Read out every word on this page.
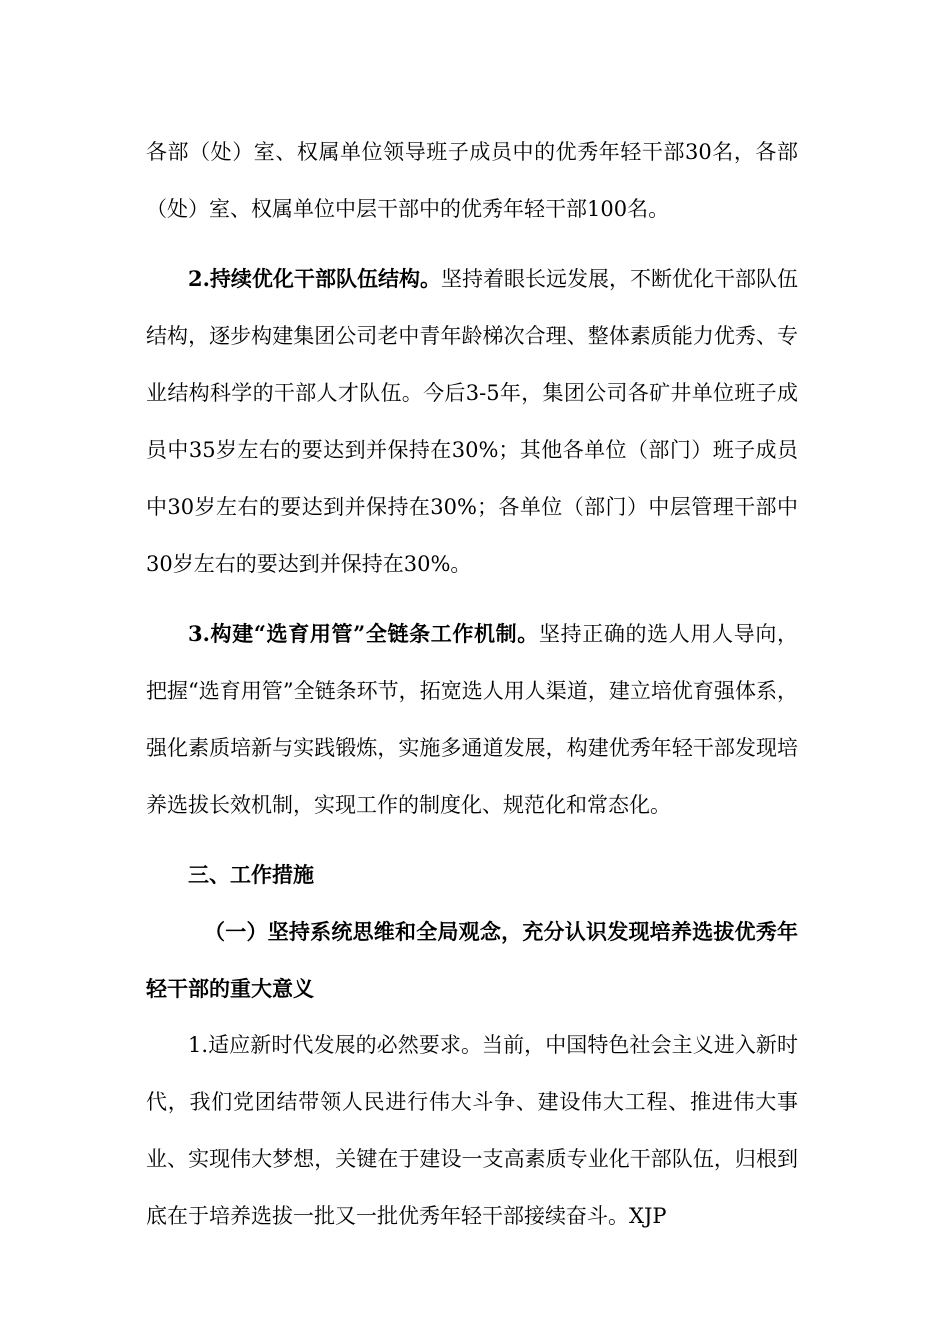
各部（处）室、权属单位领导班子成员中的优秀年轻干部30名，各部（处）室、权属单位中层干部中的优秀年轻干部100名。

2.持续优化干部队伍结构。坚持着眼长远发展，不断优化干部队伍结构，逐步构建集团公司老中青年龄梯次合理、整体素质能力优秀、专业结构科学的干部人才队伍。今后3-5年，集团公司各矿井单位班子成员中35岁左右的要达到并保持在30%；其他各单位（部门）班子成员中30岁左右的要达到并保持在30%；各单位（部门）中层管理干部中30岁左右的要达到并保持在30%。

3.构建“选育用管”全链条工作机制。坚持正确的选人用人导向，把握“选育用管”全链条环节，拓宽选人用人渠道，建立培优育强体系，强化素质培新与实践锻炼，实施多通道发展，构建优秀年轻干部发现培养选拔长效机制，实现工作的制度化、规范化和常态化。

三、工作措施

（一）坚持系统思维和全局观念，充分认识发现培养选拔优秀年轻干部的重大意义

1.适应新时代发展的必然要求。当前，中国特色社会主义进入新时代，我们党团结带领人民进行伟大斗争、建设伟大工程、推进伟大事业、实现伟大梦想，关键在于建设一支高素质专业化干部队伍，归根到底在于培养选拔一批又一批优秀年轻干部接续奋斗。XJP
